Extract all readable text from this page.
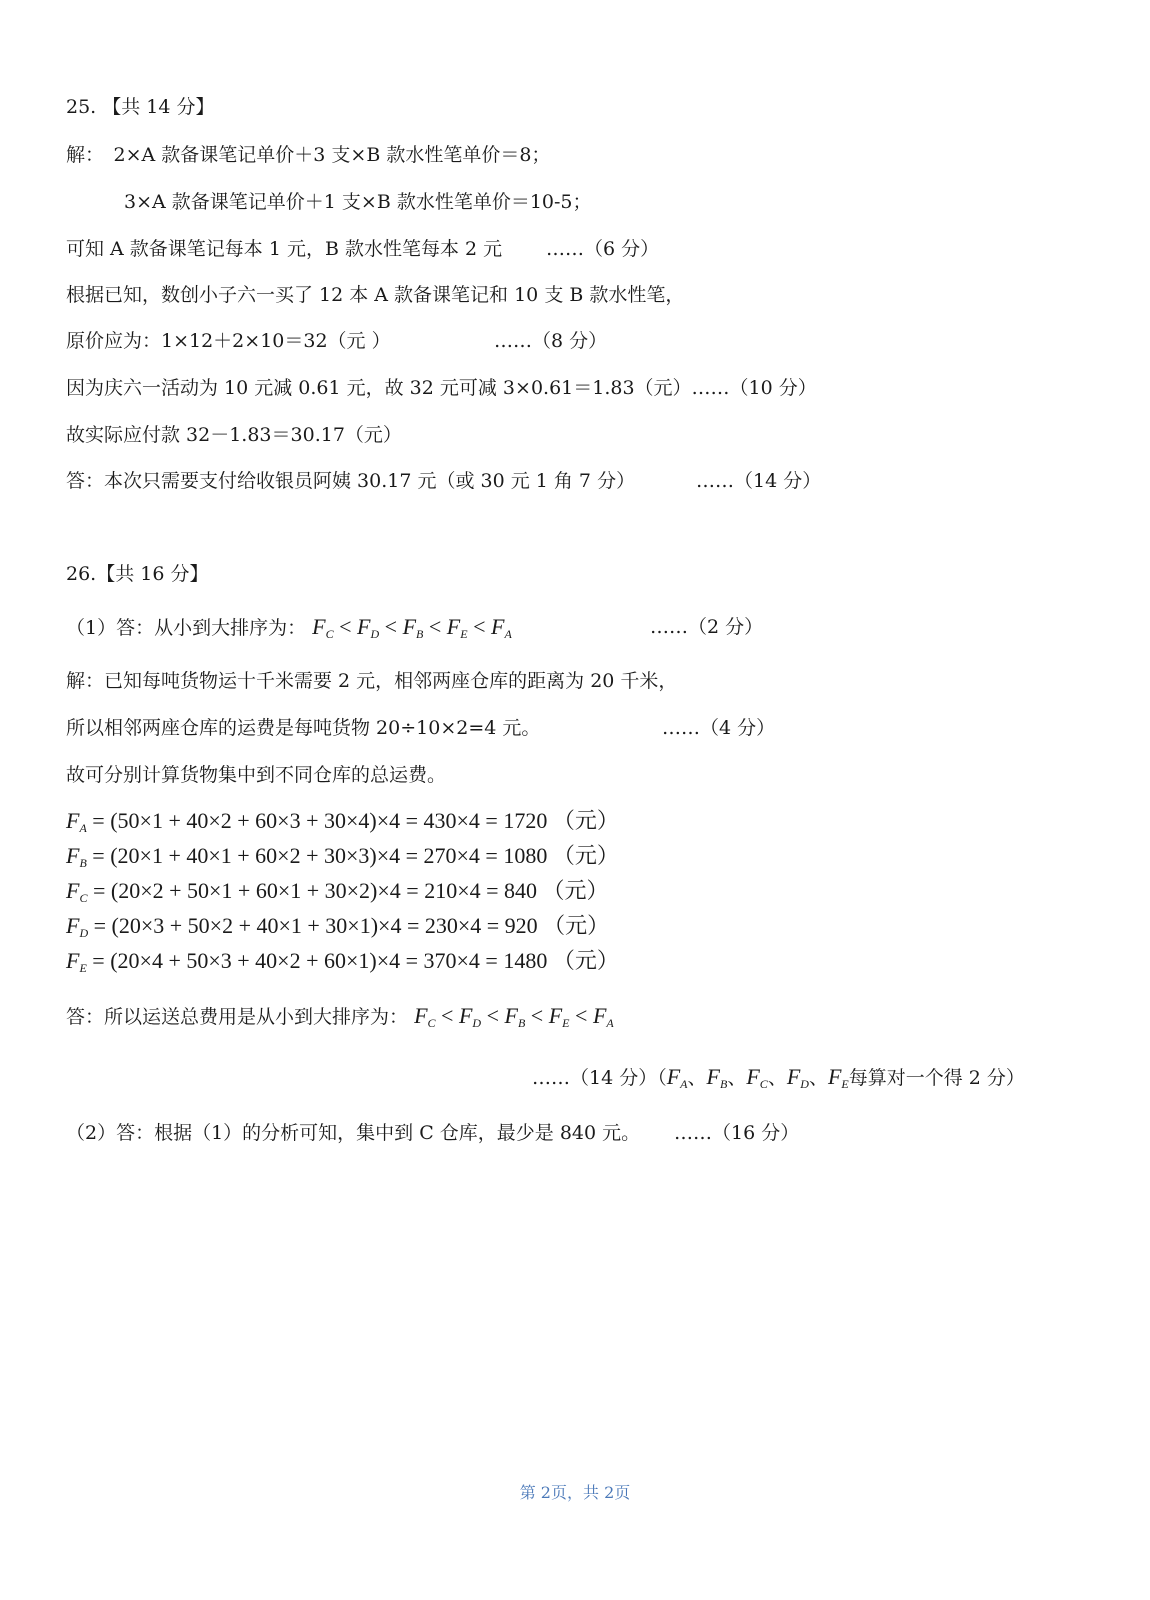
25. 【共 14 分】
解：　2×A 款备课笔记单价＋3 支×B 款水性笔单价＝8；
3×A 款备课笔记单价＋1 支×B 款水性笔单价＝10-5；
可知 A 款备课笔记每本 1 元，B 款水性笔每本 2 元 ……（6 分）
根据已知，数创小子六一买了 12 本 A 款备课笔记和 10 支 B 款水性笔，
原价应为：1×12＋2×10＝32（元 ）	……（8 分）
因为庆六一活动为 10 元减 0.61 元，故 32 元可减 3×0.61＝1.83（元）……（10 分）
故实际应付款 32－1.83＝30.17（元）
答：本次只需要支付给收银员阿姨 30.17 元（或 30 元 1 角 7 分）	……（14 分）
26.【共 16 分】
（1）答：从小到大排序为： $F_C < F_D < F_B < F_E < F_A$	……（2 分）
解：已知每吨货物运十千米需要 2 元，相邻两座仓库的距离为 20 千米，
所以相邻两座仓库的运费是每吨货物 20÷10×2=4 元。	……（4 分）
故可分别计算货物集中到不同仓库的总运费。
$F_A = (50\times 1 + 40\times 2 + 60\times 3 + 30\times 4)\times 4 = 430\times 4 = 1720$ （元）
$F_B = (20\times 1 + 40\times 1 + 60\times 2 + 30\times 3)\times 4 = 270\times 4 = 1080$ （元）
$F_C = (20\times 2 + 50\times 1 + 60\times 1 + 30\times 2)\times 4 = 210\times 4 = 840$ （元）
$F_D = (20\times 3 + 50\times 2 + 40\times 1 + 30\times 1)\times 4 = 230\times 4 = 920$ （元）
$F_E = (20\times 4 + 50\times 3 + 40\times 2 + 60\times 1)\times 4 = 370\times 4 = 1480$ （元）
答：所以运送总费用是从小到大排序为： $F_C < F_D < F_B < F_E < F_A$
……（14 分）（$F_A$、$F_B$、$F_C$、$F_D$、$F_E$每算对一个得 2 分）
（2）答：根据（1）的分析可知，集中到 C 仓库，最少是 840 元。 ……（16 分）
第 2页，共 2页
